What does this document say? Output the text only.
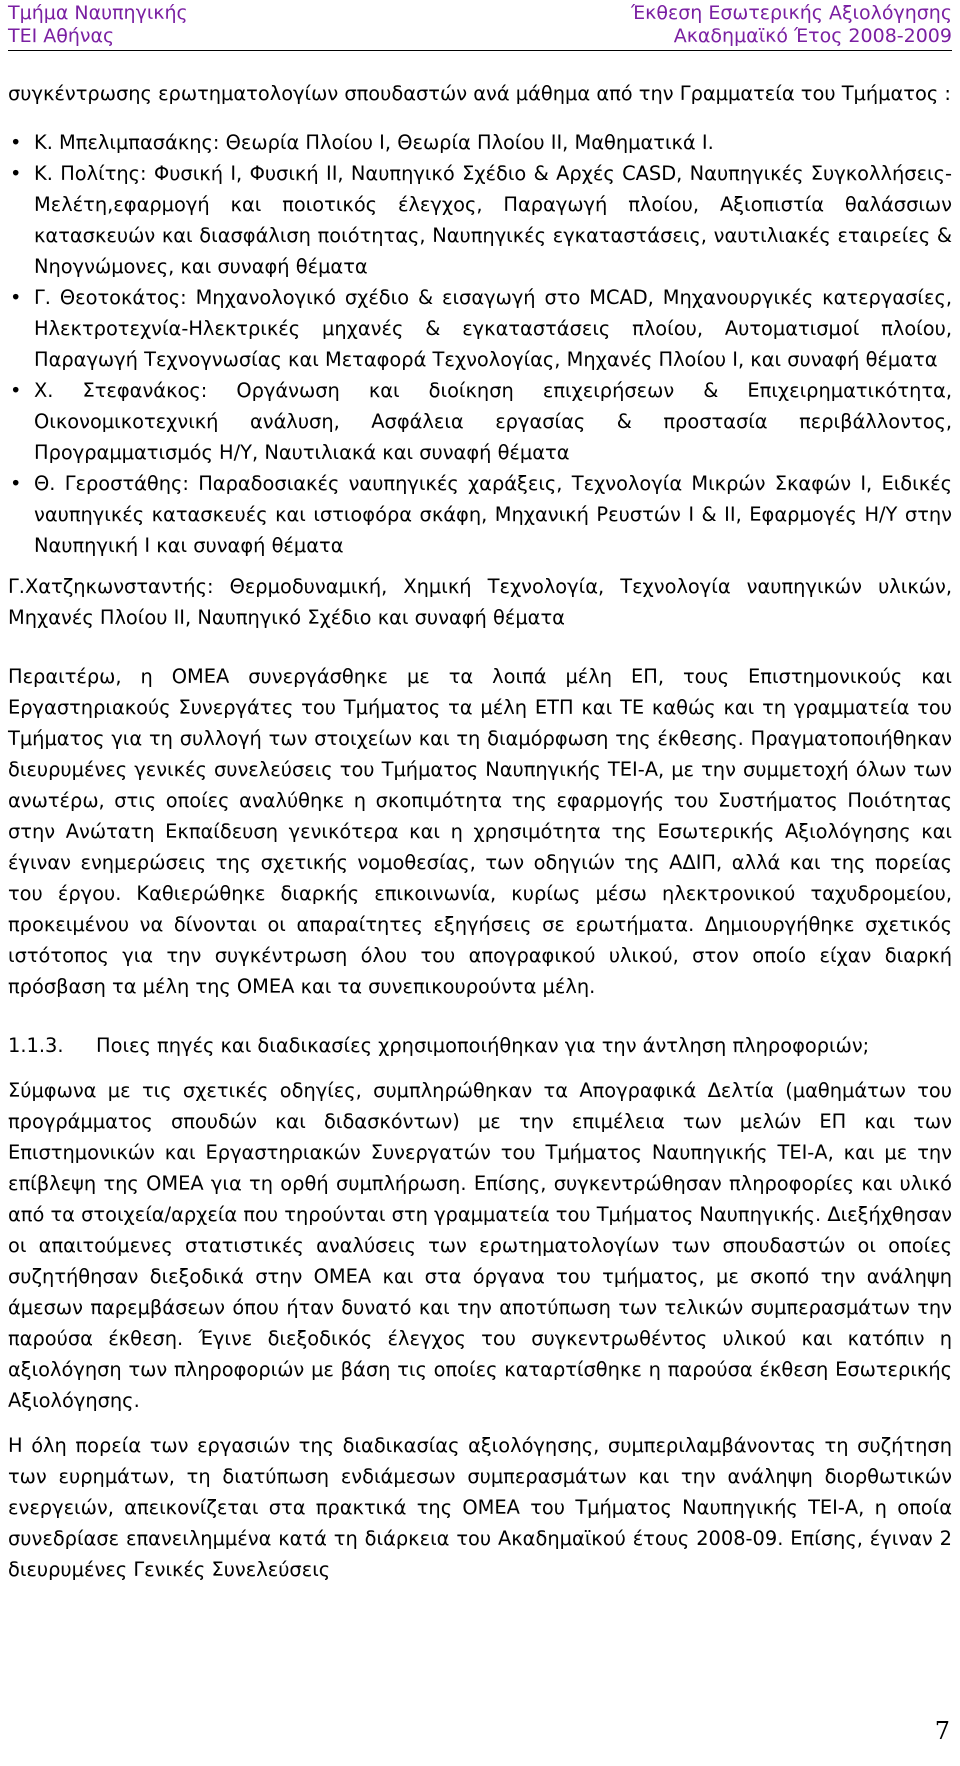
Τμήμα Ναυπηγικής
ΤΕΙ Αθήνας
Έκθεση Εσωτερικής Αξιολόγησης
Ακαδημαϊκό Έτος 2008-2009

συγκέντρωσης ερωτηματολογίων σπουδαστών ανά μάθημα από την Γραμματεία του Τμήματος :

• Κ. Μπελιμπασάκης: Θεωρία Πλοίου Ι, Θεωρία Πλοίου ΙΙ, Μαθηματικά Ι.
• Κ. Πολίτης: Φυσική Ι, Φυσική ΙΙ, Ναυπηγικό Σχέδιο & Αρχές CASD, Ναυπηγικές Συγκολλήσεις-Μελέτη,εφαρμογή και ποιοτικός έλεγχος, Παραγωγή πλοίου, Αξιοπιστία θαλάσσιων κατασκευών και διασφάλιση ποιότητας, Ναυπηγικές εγκαταστάσεις, ναυτιλιακές εταιρείες & Νηογνώμονες, και συναφή θέματα
• Γ. Θεοτοκάτος: Μηχανολογικό σχέδιο & εισαγωγή στο MCAD, Μηχανουργικές κατεργασίες, Ηλεκτροτεχνία-Ηλεκτρικές μηχανές & εγκαταστάσεις πλοίου, Αυτοματισμοί πλοίου, Παραγωγή Τεχνογνωσίας και Μεταφορά Τεχνολογίας, Μηχανές Πλοίου Ι, και συναφή θέματα
• Χ. Στεφανάκος: Οργάνωση και διοίκηση επιχειρήσεων & Επιχειρηματικότητα, Οικονομικοτεχνική ανάλυση, Ασφάλεια εργασίας & προστασία περιβάλλοντος, Προγραμματισμός Η/Υ, Ναυτιλιακά και συναφή θέματα
• Θ. Γεροστάθης: Παραδοσιακές ναυπηγικές χαράξεις, Τεχνολογία Μικρών Σκαφών Ι, Ειδικές ναυπηγικές κατασκευές και ιστιοφόρα σκάφη, Μηχανική Ρευστών Ι & ΙΙ, Εφαρμογές Η/Υ στην Ναυπηγική Ι και συναφή θέματα

Γ.Χατζηκωνσταντής: Θερμοδυναμική, Χημική Τεχνολογία, Τεχνολογία ναυπηγικών υλικών, Μηχανές Πλοίου ΙΙ, Ναυπηγικό Σχέδιο και συναφή θέματα

Περαιτέρω, η ΟΜΕΑ συνεργάσθηκε με τα λοιπά μέλη ΕΠ, τους Επιστημονικούς και Εργαστηριακούς Συνεργάτες του Τμήματος τα μέλη ΕΤΠ και ΤΕ καθώς και τη γραμματεία του Τμήματος για τη συλλογή των στοιχείων και τη διαμόρφωση της έκθεσης. Πραγματοποιήθηκαν διευρυμένες γενικές συνελεύσεις του Τμήματος Ναυπηγικής ΤΕΙ-Α, με την συμμετοχή όλων των ανωτέρω, στις οποίες αναλύθηκε η σκοπιμότητα της εφαρμογής του Συστήματος Ποιότητας στην Ανώτατη Εκπαίδευση γενικότερα και η χρησιμότητα της Εσωτερικής Αξιολόγησης και έγιναν ενημερώσεις της σχετικής νομοθεσίας, των οδηγιών της ΑΔΙΠ, αλλά και της πορείας του έργου. Καθιερώθηκε διαρκής επικοινωνία, κυρίως μέσω ηλεκτρονικού ταχυδρομείου, προκειμένου να δίνονται οι απαραίτητες εξηγήσεις σε ερωτήματα. Δημιουργήθηκε σχετικός ιστότοπος για την συγκέντρωση όλου του απογραφικού υλικού, στον οποίο είχαν διαρκή πρόσβαση τα μέλη της ΟΜΕΑ και τα συνεπικουρούντα μέλη.

1.1.3.	Ποιες πηγές και διαδικασίες χρησιμοποιήθηκαν για την άντληση πληροφοριών;

Σύμφωνα με τις σχετικές οδηγίες, συμπληρώθηκαν τα Απογραφικά Δελτία (μαθημάτων του προγράμματος σπουδών και διδασκόντων) με την επιμέλεια των μελών ΕΠ και των Επιστημονικών και Εργαστηριακών Συνεργατών του Τμήματος Ναυπηγικής ΤΕΙ-Α, και με την επίβλεψη της ΟΜΕΑ για τη ορθή συμπλήρωση. Επίσης, συγκεντρώθησαν πληροφορίες και υλικό από τα στοιχεία/αρχεία που τηρούνται στη γραμματεία του Τμήματος Ναυπηγικής. Διεξήχθησαν οι απαιτούμενες στατιστικές αναλύσεις των ερωτηματολογίων των σπουδαστών οι οποίες συζητήθησαν διεξοδικά στην ΟΜΕΑ και στα όργανα του τμήματος, με σκοπό την ανάληψη άμεσων παρεμβάσεων όπου ήταν δυνατό και την αποτύπωση των τελικών συμπερασμάτων την παρούσα έκθεση. Έγινε διεξοδικός έλεγχος του συγκεντρωθέντος υλικού και κατόπιν η αξιολόγηση των πληροφοριών με βάση τις οποίες καταρτίσθηκε η παρούσα έκθεση Εσωτερικής Αξιολόγησης.

Η όλη πορεία των εργασιών της διαδικασίας αξιολόγησης, συμπεριλαμβάνοντας τη συζήτηση των ευρημάτων, τη διατύπωση ενδιάμεσων συμπερασμάτων και την ανάληψη διορθωτικών ενεργειών, απεικονίζεται στα πρακτικά της ΟΜΕΑ του Τμήματος Ναυπηγικής ΤΕΙ-Α, η οποία συνεδρίασε επανειλημμένα κατά τη διάρκεια του Ακαδημαϊκού έτους 2008-09. Επίσης, έγιναν 2 διευρυμένες Γενικές Συνελεύσεις

7
